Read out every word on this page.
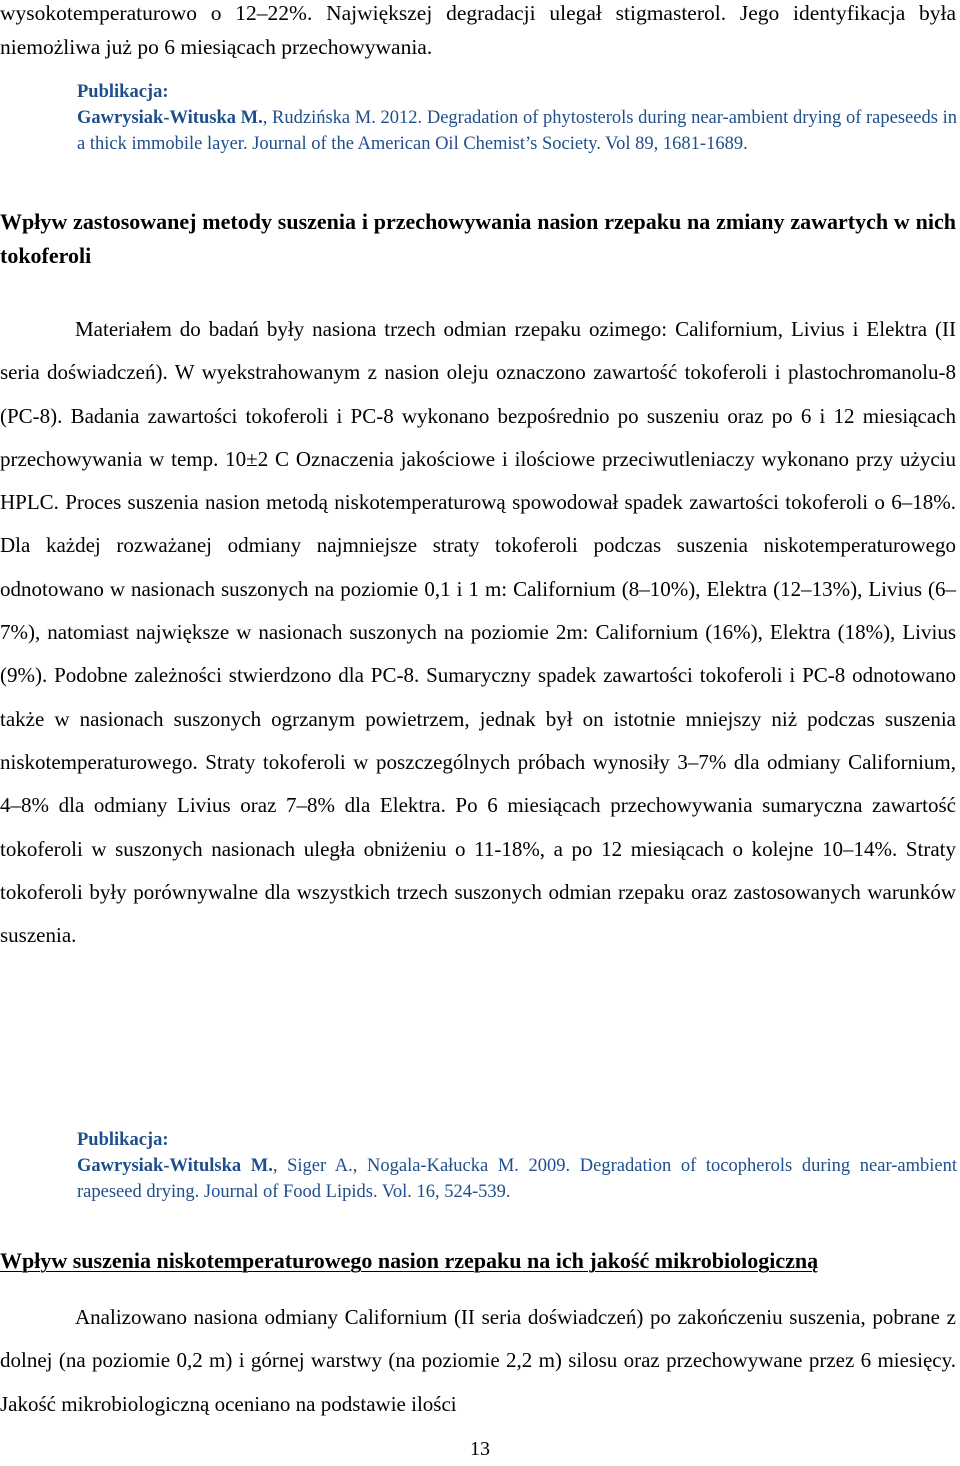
wysokotemperaturowo o 12–22%. Największej degradacji ulegał stigmasterol. Jego identyfikacja była niemożliwa już po 6 miesiącach przechowywania.

Publikacja:
Gawrysiak-Wituska M., Rudzińska M. 2012. Degradation of phytosterols during near-ambient drying of rapeseeds in a thick immobile layer. Journal of the American Oil Chemist’s Society. Vol 89, 1681-1689.
Wpływ zastosowanej metody suszenia i przechowywania nasion rzepaku na zmiany zawartych w nich tokoferoli

Materiałem do badań były nasiona trzech odmian rzepaku ozimego: Californium, Livius i Elektra (II seria doświadczeń). W wyekstrahowanym z nasion oleju oznaczono zawartość tokoferoli i plastochromanolu-8 (PC-8). Badania zawartości tokoferoli i PC-8 wykonano bezpośrednio po suszeniu oraz po 6 i 12 miesiącach przechowywania w temp. 10±2 C Oznaczenia jakościowe i ilościowe przeciwutleniaczy wykonano przy użyciu HPLC. Proces suszenia nasion metodą niskotemperaturową spowodował spadek zawartości tokoferoli o 6–18%. Dla każdej rozważanej odmiany najmniejsze straty tokoferoli podczas suszenia niskotemperaturowego odnotowano w nasionach suszonych na poziomie 0,1 i 1 m: Californium (8–10%), Elektra (12–13%), Livius (6–7%), natomiast największe w nasionach suszonych na poziomie 2m: Californium (16%), Elektra (18%), Livius (9%). Podobne zależności stwierdzono dla PC-8. Sumaryczny spadek zawartości tokoferoli i PC-8 odnotowano także w nasionach suszonych ogrzanym powietrzem, jednak był on istotnie mniejszy niż podczas suszenia niskotemperaturowego. Straty tokoferoli w poszczególnych próbach wynosiły 3–7% dla odmiany Californium, 4–8% dla odmiany Livius oraz 7–8% dla Elektra. Po 6 miesiącach przechowywania sumaryczna zawartość tokoferoli w suszonych nasionach uległa obniżeniu o 11-18%, a po 12 miesiącach o kolejne 10–14%. Straty tokoferoli były porównywalne dla wszystkich trzech suszonych odmian rzepaku oraz zastosowanych warunków suszenia.

Publikacja:
Gawrysiak-Witulska M., Siger A., Nogala-Kałucka M. 2009. Degradation of tocopherols during near-ambient rapeseed drying. Journal of Food Lipids. Vol. 16, 524-539.
Wpływ suszenia niskotemperaturowego nasion rzepaku na ich jakość mikrobiologiczną

Analizowano nasiona odmiany Californium (II seria doświadczeń) po zakończeniu suszenia, pobrane z dolnej (na poziomie 0,2 m) i górnej warstwy (na poziomie 2,2 m) silosu oraz przechowywane przez 6 miesięcy. Jakość mikrobiologiczną oceniano na podstawie ilości

13
